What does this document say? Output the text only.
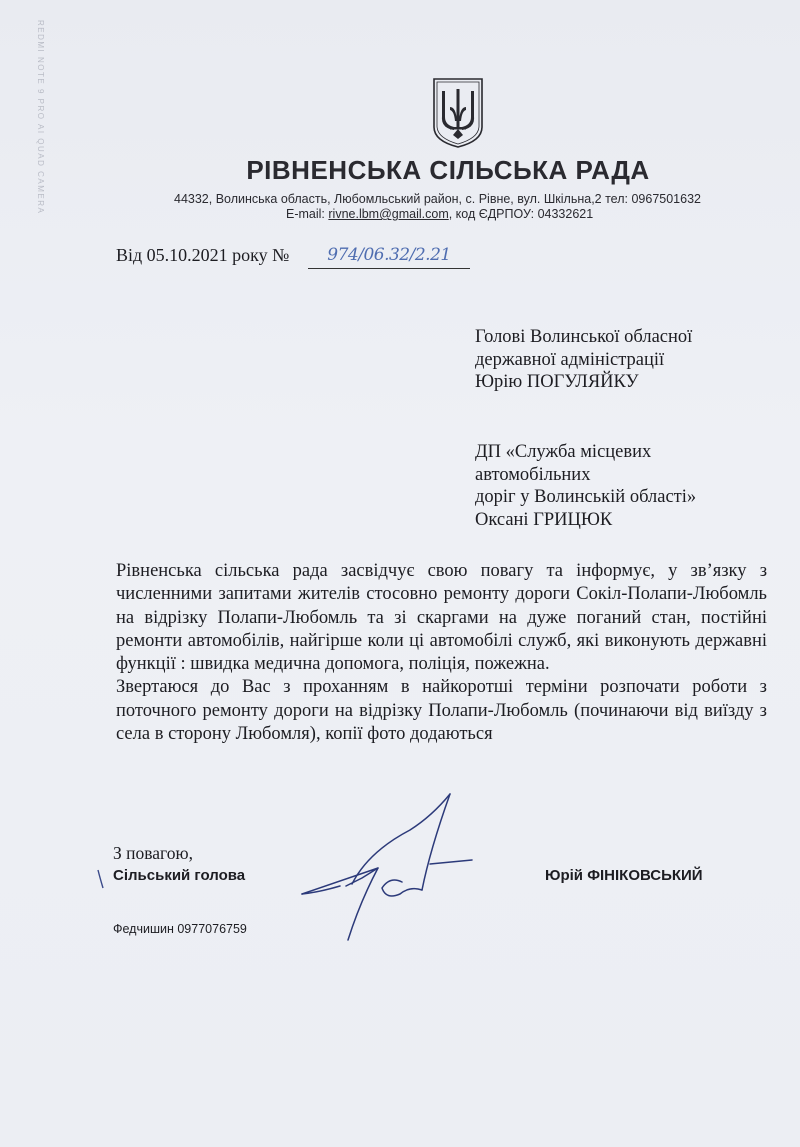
REDMI NOTE 9 PRO AI QUAD CAMERA	РІВНЕНСЬКА СІЛЬСЬКА РАДА
44332, Волинська область, Любомльський район, с. Рівне, вул. Шкільна,2 тел: 0967501632
E-mail: rivne.lbm@gmail.com, код ЄДРПОУ: 04332621
Від 05.10.2021 року №	974/06.32/2.21
Голові Волинської обласної
державної адміністрації
Юрію ПОГУЛЯЙКУ
ДП «Служба місцевих
автомобільних
доріг у Волинській області»
Оксані ГРИЦЮК

Рівненська сільська рада засвідчує свою повагу та інформує, у зв’язку з численними запитами жителів стосовно ремонту дороги Сокіл-Полапи-Любомль на відрізку Полапи-Любомль та зі скаргами на дуже поганий стан, постійні ремонти автомобілів, найгірше коли ці автомобілі служб, які виконують державні функції : швидка медична допомога, поліція, пожежна.

Звертаюся до Вас з проханням в найкоротші терміни розпочати роботи з поточного ремонту дороги на відрізку Полапи-Любомль (починаючи від виїзду з села в сторону Любомля), копії фото додаються

З повагою,
Сільський голова	Юрій ФІНІКОВСЬКИЙ
Федчишин 0977076759
